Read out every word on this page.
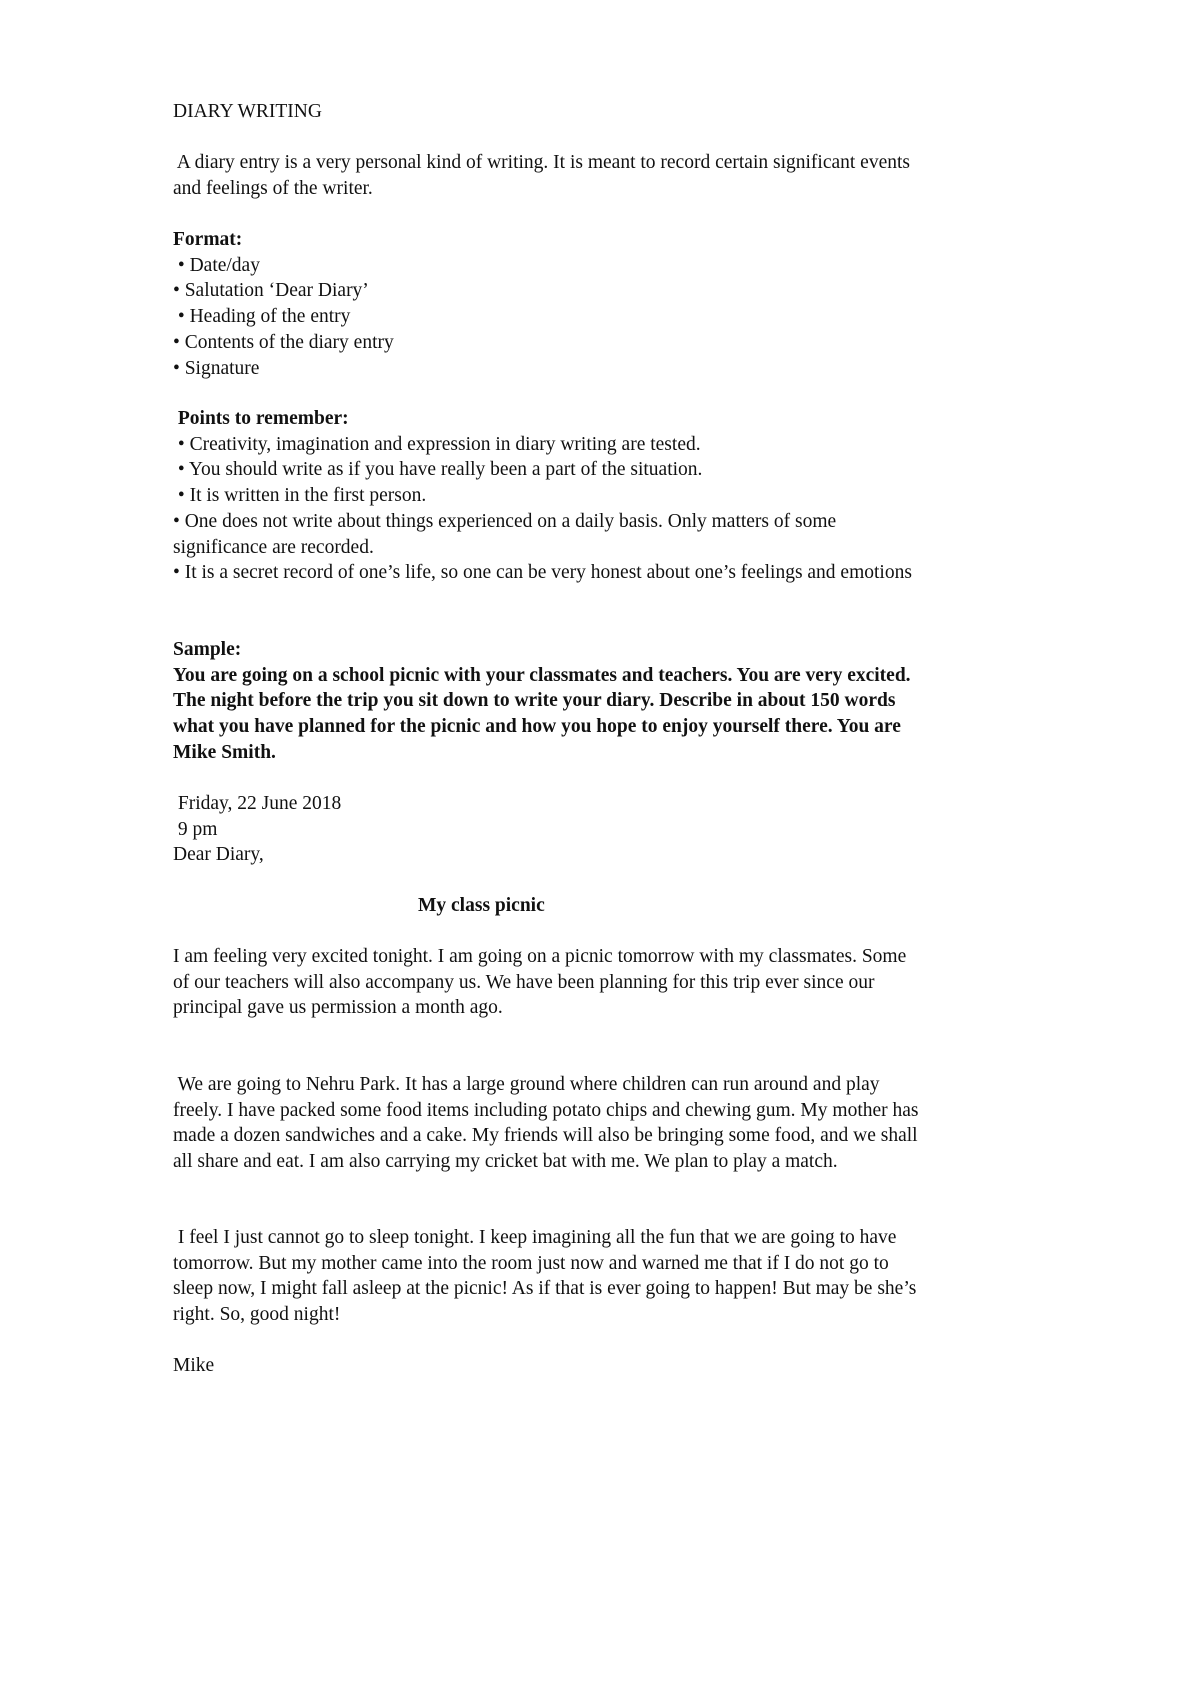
DIARY WRITING
A diary entry is a very personal kind of writing. It is meant to record certain significant events
and feelings of the writer.
Format:
• Date/day
• Salutation ‘Dear Diary’
• Heading of the entry
• Contents of the diary entry
• Signature
Points to remember:
• Creativity, imagination and expression in diary writing are tested.
• You should write as if you have really been a part of the situation.
• It is written in the first person.
• One does not write about things experienced on a daily basis. Only matters of some
significance are recorded.
• It is a secret record of one’s life, so one can be very honest about one’s feelings and emotions
Sample:
You are going on a school picnic with your classmates and teachers. You are very excited.
The night before the trip you sit down to write your diary. Describe in about 150 words
what you have planned for the picnic and how you hope to enjoy yourself there. You are
Mike Smith.
Friday, 22 June 2018
9 pm
Dear Diary,
My class picnic
I am feeling very excited tonight. I am going on a picnic tomorrow with my classmates. Some
of our teachers will also accompany us. We have been planning for this trip ever since our
principal gave us permission a month ago.
We are going to Nehru Park. It has a large ground where children can run around and play
freely. I have packed some food items including potato chips and chewing gum. My mother has
made a dozen sandwiches and a cake. My friends will also be bringing some food, and we shall
all share and eat. I am also carrying my cricket bat with me. We plan to play a match.
I feel I just cannot go to sleep tonight. I keep imagining all the fun that we are going to have
tomorrow. But my mother came into the room just now and warned me that if I do not go to
sleep now, I might fall asleep at the picnic! As if that is ever going to happen! But may be she’s
right. So, good night!
Mike
